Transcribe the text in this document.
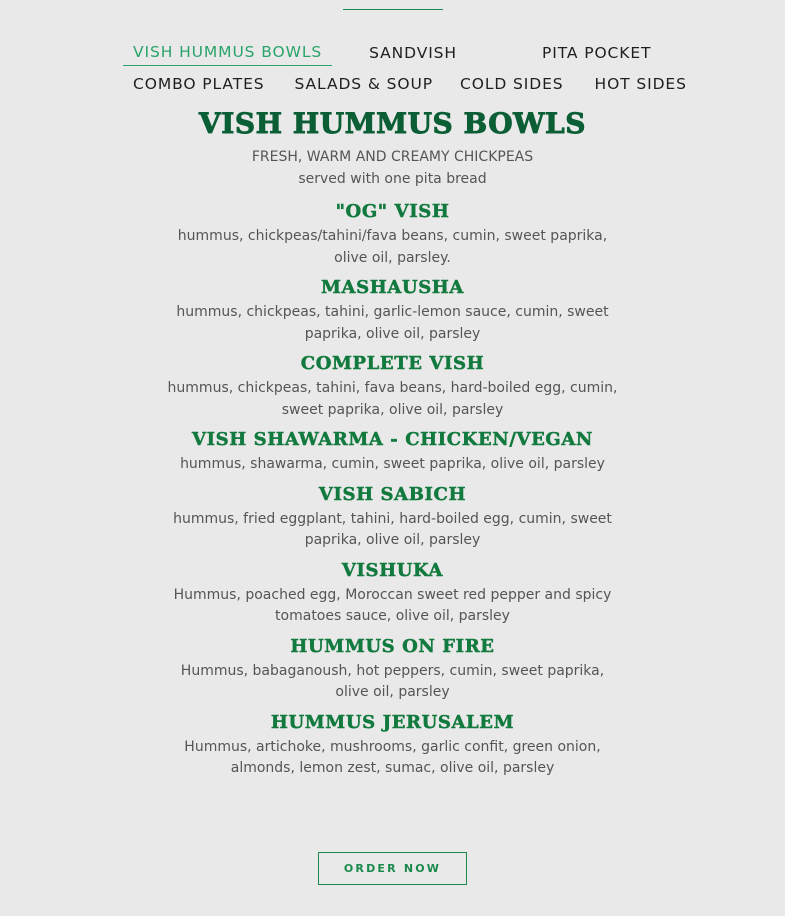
VISH HUMMUS BOWLS	SANDVISH	PITA POCKET
COMBO PLATES	SALADS & SOUP	COLD SIDES	HOT SIDES
VISH HUMMUS BOWLS
FRESH, WARM AND CREAMY CHICKPEAS
served with one pita bread
"OG" VISH
hummus, chickpeas/tahini/fava beans, cumin, sweet paprika, olive oil, parsley.
MASHAUSHA
hummus, chickpeas, tahini, garlic-lemon sauce, cumin, sweet paprika, olive oil, parsley
COMPLETE VISH
hummus, chickpeas, tahini, fava beans, hard-boiled egg, cumin, sweet paprika, olive oil, parsley
VISH SHAWARMA - CHICKEN/VEGAN
hummus, shawarma, cumin, sweet paprika, olive oil, parsley
VISH SABICH
hummus, fried eggplant, tahini, hard-boiled egg, cumin, sweet paprika, olive oil, parsley
VISHUKA
Hummus, poached egg, Moroccan sweet red pepper and spicy tomatoes sauce, olive oil, parsley
HUMMUS ON FIRE
Hummus, babaganoush, hot peppers, cumin, sweet paprika, olive oil, parsley
HUMMUS JERUSALEM
Hummus, artichoke, mushrooms, garlic confit, green onion, almonds, lemon zest, sumac, olive oil, parsley
ORDER NOW
